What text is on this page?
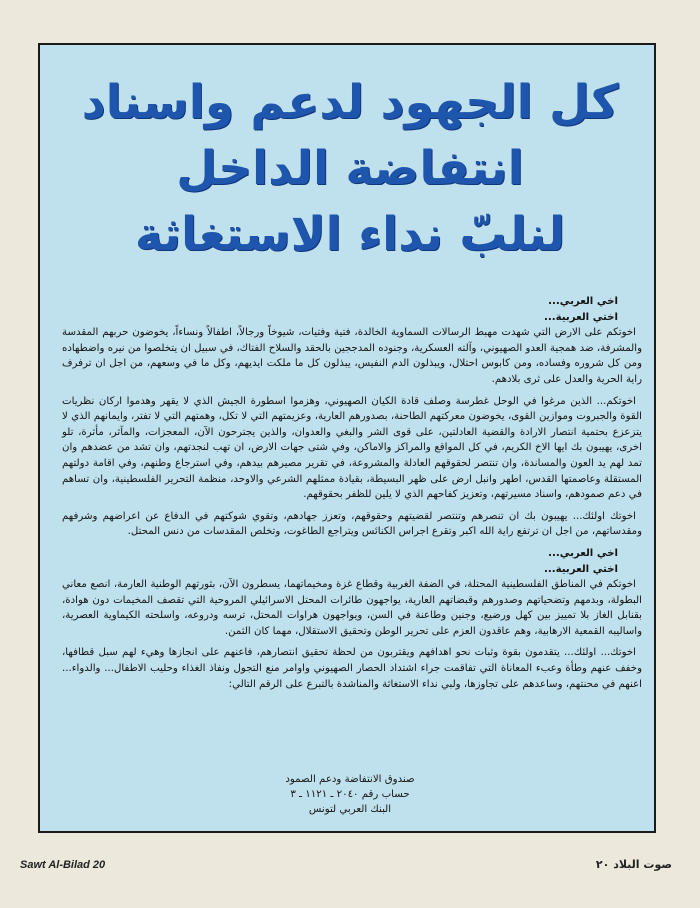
كل الجهود لدعم واسناد
انتفاضة الداخل
لنلبّ نداء الاستغاثة

اخي العربي...

اختي العربية...

اخوتكم على الارض التي شهدت مهبط الرسالات السماوية الخالدة، فتية وفتيات، شيوخاً ورجالاً، اطفالاً ونساءاً، يخوضون حربهم المقدسة والمشرفة، ضد همجية العدو الصهيوني، وآلته العسكرية، وجنوده المدججين بالحقد والسلاح الفتاك، في سبيل ان يتخلصوا من نيره واضطهاده ومن كل شروره وفساده، ومن كابوس احتلال، ويبذلون الدم النفيس، يبذلون كل ما ملكت ايديهم، وكل ما في وسعهم، من اجل ان ترفرف راية الحرية والعدل على ثرى بلادهم.

اخوتكم... الذين مرغوا في الوحل غطرسة وصلف قادة الكيان الصهيوني، وهزموا اسطورة الجيش الذي لا يقهر وهدموا اركان نظريات القوة والجبروت وموازين القوى، يخوضون معركتهم الطاحنة، بصدورهم العارية، وعزيمتهم التي لا تكل، وهمتهم التي لا تفتر، وايمانهم الذي لا يتزعزع بحتمية انتصار الارادة والقضية العادلتين، على قوى الشر والبغي والعدوان، والذين يجترحون الآن، المعجزات، والمآثر، مأثرة، تلو اخرى، يهيبون بك ايها الاخ الكريم، في كل المواقع والمراكز والاماكن، وفي شتى جهات الارض، ان تهب لنجدتهم، وان تشد من عضدهم وان تمد لهم يد العون والمساندة، وان تنتصر لحقوقهم العادلة والمشروعة، في تقرير مصيرهم بيدهم، وفي استرجاع وطنهم، وفي اقامة دولتهم المستقلة وعاصمتها القدس، اطهر وانبل ارض على ظهر البسيطة، بقيادة ممثلهم الشرعي والاوحد، منظمة التحرير الفلسطينية، وان تساهم في دعم صمودهم، واسناد مسيرتهم، وتعزيز كفاحهم الذي لا يلين للظفر بحقوقهم.

اخوتك اولئك... يهيبون بك ان تنصرهم وتنتصر لقضيتهم وحقوقهم، وتعزز جهادهم، وتقوي شوكتهم في الدفاع عن اعراضهم وشرفهم ومقدساتهم، من اجل ان ترتفع راية الله اكبر وتقرع اجراس الكنائس ويتراجع الطاغوت، وتخلص المقدسات من دنس المحتل.

اخي العربي...

اختي العربية...

اخوتكم في المناطق الفلسطينية المحتلة، في الضفة الغربية وقطاع غزة ومخيماتهما، يسطرون الآن، بثورتهم الوطنية العارمة، انصع معاني البطولة، وبدمهم وتضحياتهم وصدورهم وقبضاتهم العارية، يواجهون طائرات المحتل الاسرائيلي المروحية التي تقصف المخيمات دون هوادة، بقنابل الغاز بلا تمييز بين كهل ورضيع، وجنين وطاعنة في السن، ويواجهون هراوات المحتل، ترسه ودروعه، واسلحته الكيماوية العصرية، واساليبه القمعية الارهابية، وهم عاقدون العزم على تحرير الوطن وتحقيق الاستقلال، مهما كان الثمن.

اخوتك... اولئك... يتقدمون بقوة وثبات نحو اهدافهم ويقتربون من لحظة تحقيق انتصارهم، فاعنهم على انجازها وهيء لهم سبل قطافها، وخفف عنهم وطأة وعبء المعاناة التي تفاقمت جراء اشتداد الحصار الصهيوني واوامر منع التجول ونفاذ الغذاء وحليب الاطفال... والدواء... اعنهم في محنتهم، وساعدهم على تجاوزها، ولبي نداء الاستغاثة والمناشدة بالتبرع على الرقم التالي:

صندوق الانتفاضة ودعم الصمود
حساب رقم ٢٠٤٠ ـ ١١٢١ ـ ٣
البنك العربي لتونس
Sawt Al-Bilad 20	صوت البلاد ٢٠
